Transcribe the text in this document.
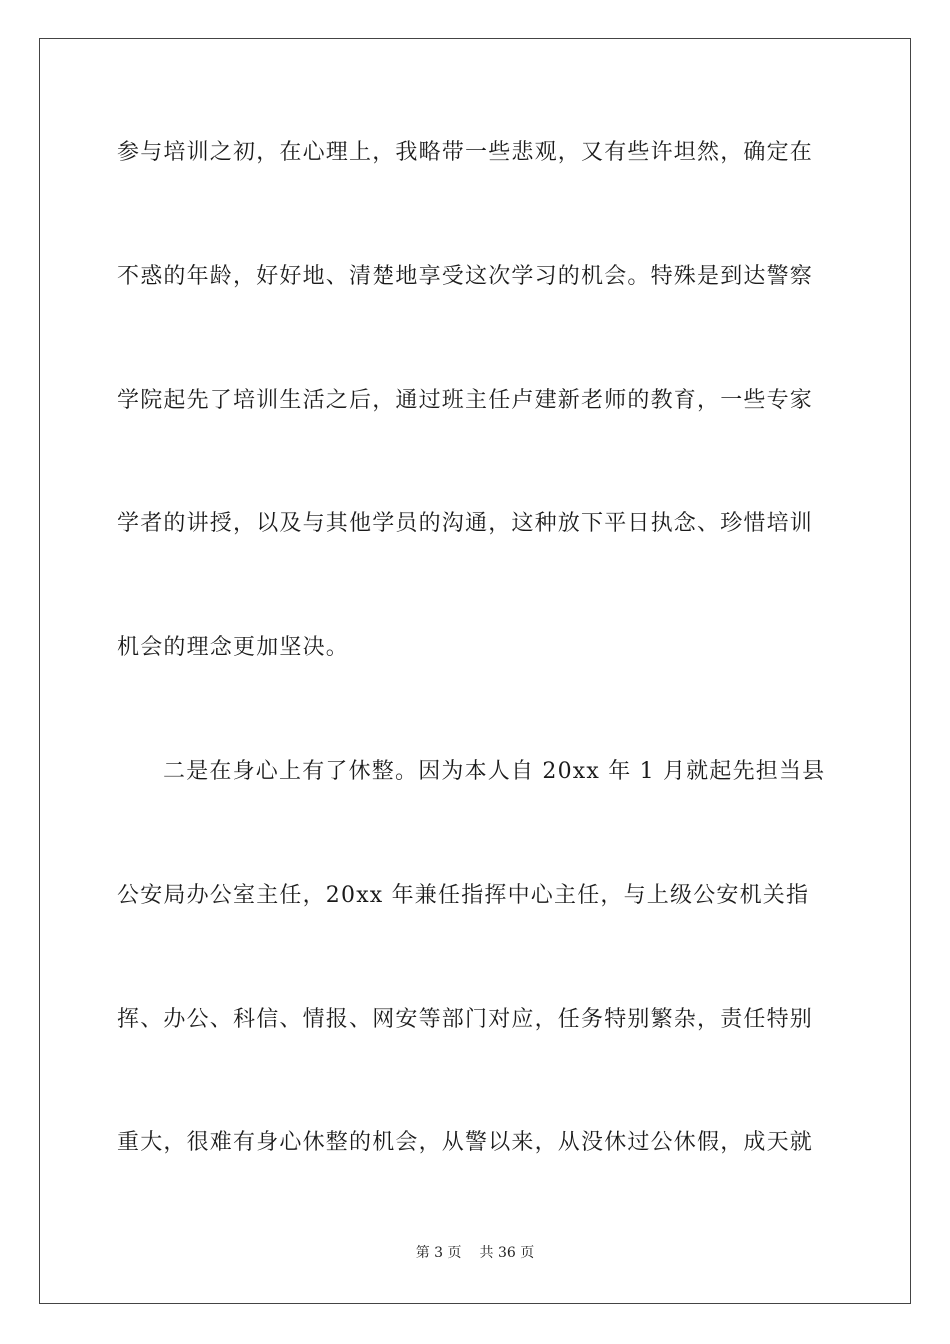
参与培训之初，在心理上，我略带一些悲观，又有些许坦然，确定在
不惑的年龄，好好地、清楚地享受这次学习的机会。特殊是到达警察
学院起先了培训生活之后，通过班主任卢建新老师的教育，一些专家
学者的讲授，以及与其他学员的沟通，这种放下平日执念、珍惜培训
机会的理念更加坚决。
二是在身心上有了休整。因为本人自 20xx 年 1 月就起先担当县
公安局办公室主任，20xx 年兼任指挥中心主任，与上级公安机关指
挥、办公、科信、情报、网安等部门对应，任务特别繁杂，责任特别
重大，很难有身心休整的机会，从警以来，从没休过公休假，成天就
第 3 页 共 36 页
